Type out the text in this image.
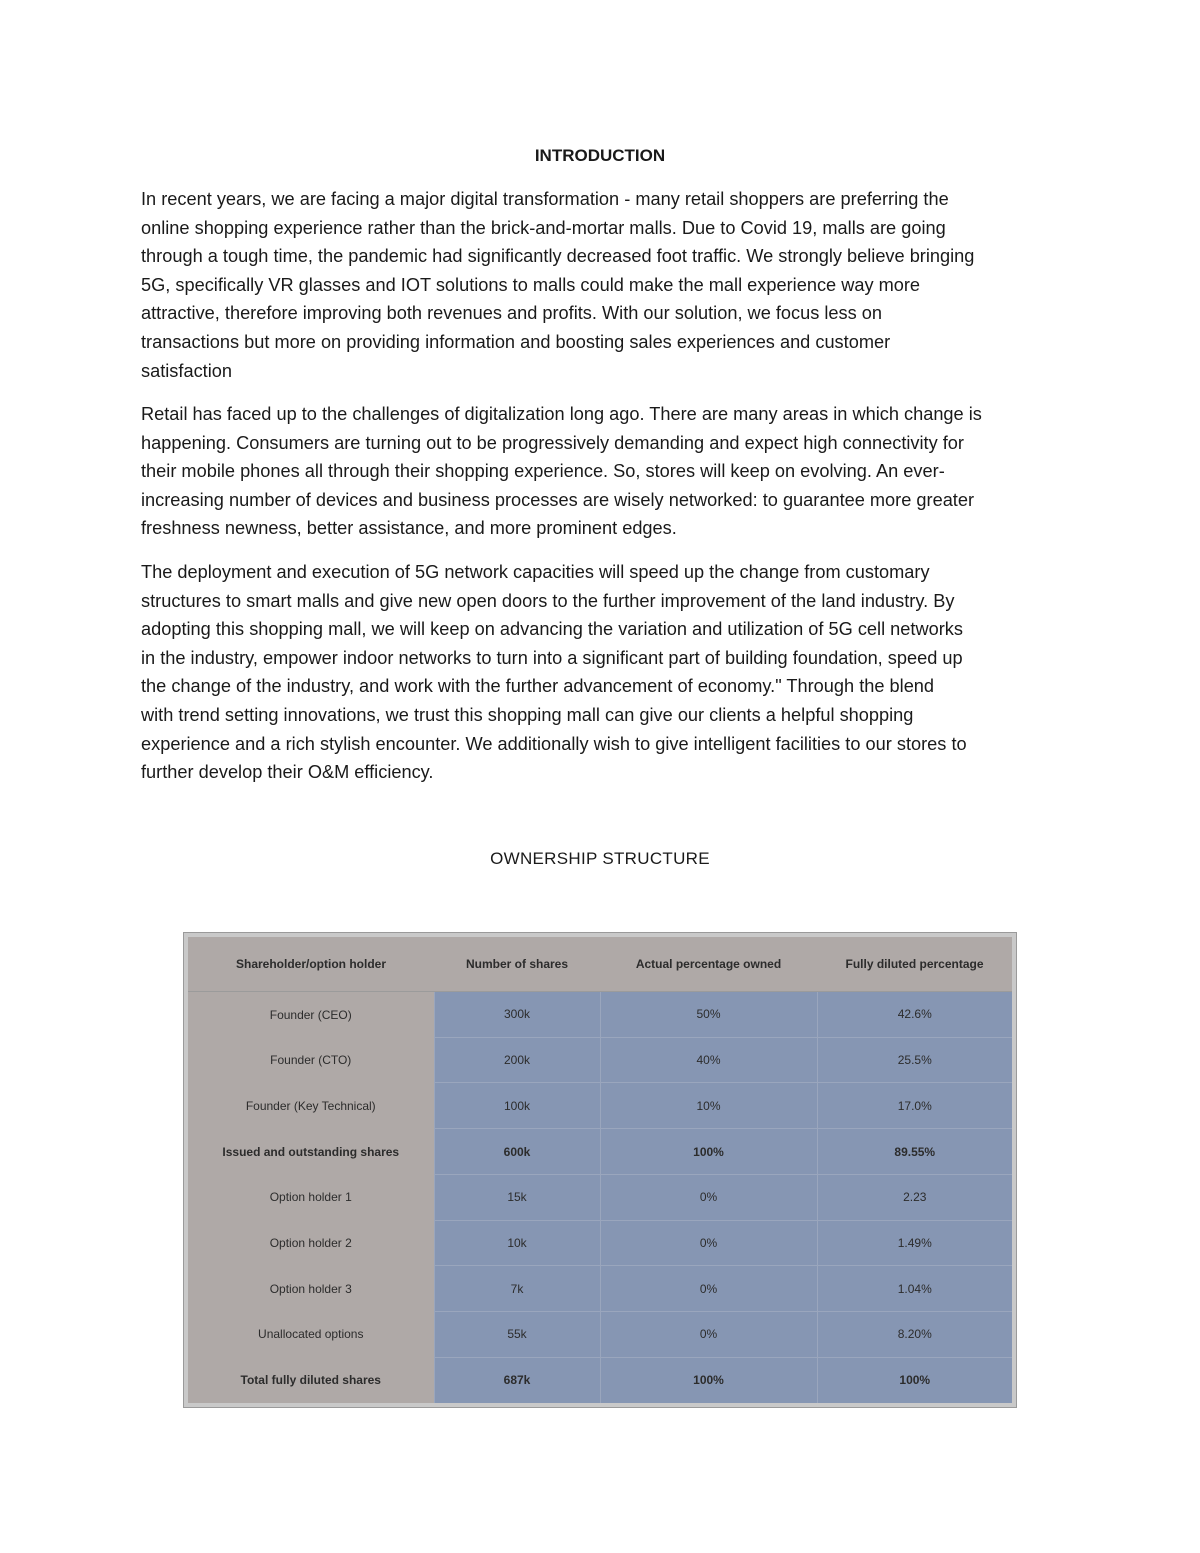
INTRODUCTION

In recent years, we are facing a major digital transformation - many retail shoppers are preferring the
online shopping experience rather than the brick-and-mortar malls. Due to Covid 19, malls are going
through a tough time, the pandemic had significantly decreased foot traffic. We strongly believe bringing
5G, specifically VR glasses and IOT solutions to malls could make the mall experience way more
attractive, therefore improving both revenues and profits. With our solution, we focus less on
transactions but more on providing information and boosting sales experiences and customer
satisfaction

Retail has faced up to the challenges of digitalization long ago. There are many areas in which change is
happening. Consumers are turning out to be progressively demanding and expect high connectivity for
their mobile phones all through their shopping experience. So, stores will keep on evolving. An ever-
increasing number of devices and business processes are wisely networked: to guarantee more greater
freshness newness, better assistance, and more prominent edges.

The deployment and execution of 5G network capacities will speed up the change from customary
structures to smart malls and give new open doors to the further improvement of the land industry. By
adopting this shopping mall, we will keep on advancing the variation and utilization of 5G cell networks
in the industry, empower indoor networks to turn into a significant part of building foundation, speed up
the change of the industry, and work with the further advancement of economy." Through the blend
with trend setting innovations, we trust this shopping mall can give our clients a helpful shopping
experience and a rich stylish encounter. We additionally wish to give intelligent facilities to our stores to
further develop their O&M efficiency.

OWNERSHIP STRUCTURE
Shareholder/option holder	Number of shares	Actual percentage owned	Fully diluted percentage
Founder (CEO)	300k	50%	42.6%
Founder (CTO)	200k	40%	25.5%
Founder (Key Technical)	100k	10%	17.0%
Issued and outstanding shares	600k	100%	89.55%
Option holder 1	15k	0%	2.23
Option holder 2	10k	0%	1.49%
Option holder 3	7k	0%	1.04%
Unallocated options	55k	0%	8.20%
Total fully diluted shares	687k	100%	100%
